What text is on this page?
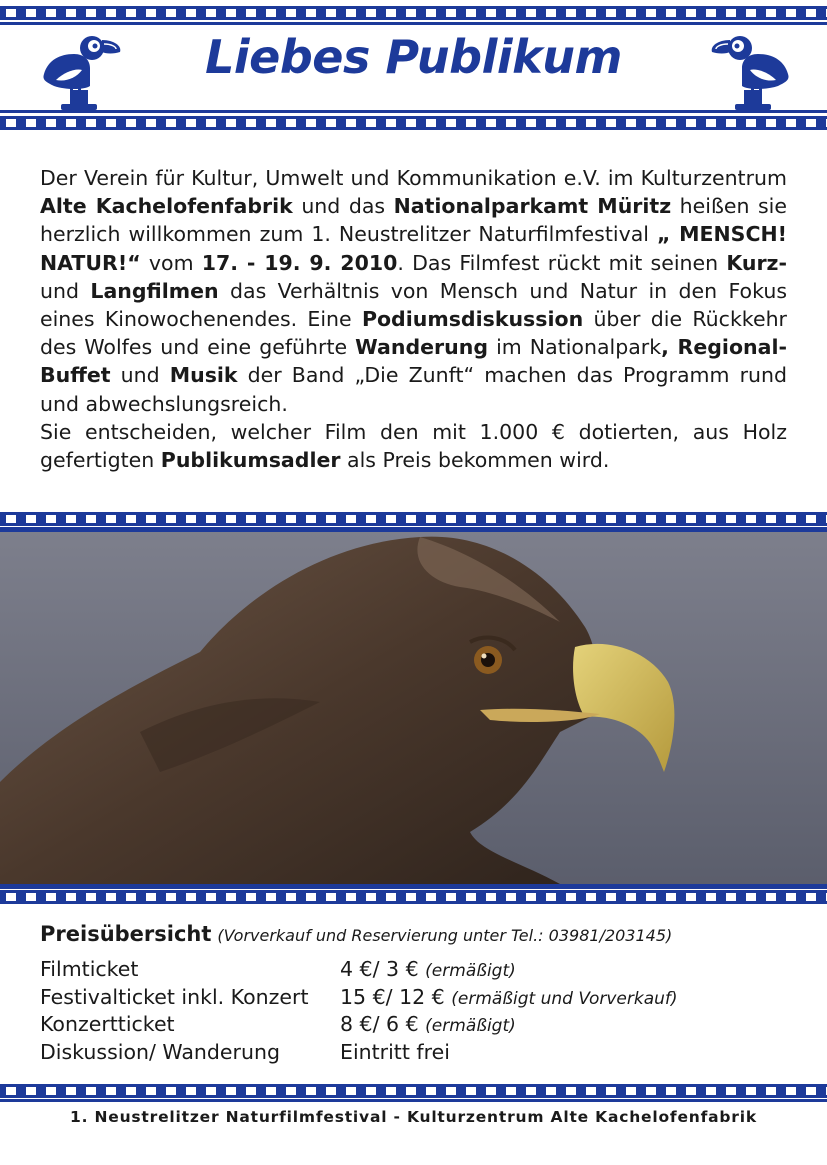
Liebes Publikum

Der Verein für Kultur, Umwelt und Kommunikation e.V. im Kulturzentrum Alte Kachelofenfabrik und das Nationalparkamt Müritz heißen sie herzlich willkommen zum 1. Neustrelitzer Naturfilmfestival „ MENSCH! NATUR!“ vom 17. - 19. 9. 2010. Das Filmfest rückt mit seinen Kurz- und Langfilmen das Verhältnis von Mensch und Natur in den Fokus eines Kinowochenendes. Eine Podiumsdiskussion über die Rückkehr des Wolfes und eine geführte Wanderung im Nationalpark, Regional-Buffet und Musik der Band „Die Zunft“ machen das Programm rund und abwechslungsreich.
Sie entscheiden, welcher Film den mit 1.000 € dotierten, aus Holz gefertigten Publikumsadler als Preis bekommen wird.

Preisübersicht (Vorverkauf und Reservierung unter Tel.: 03981/203145)
Filmticket	4 €/ 3 € (ermäßigt)
Festivalticket inkl. Konzert 15 €/ 12 € (ermäßigt und Vorverkauf)
Konzertticket	8 €/ 6 € (ermäßigt)
Diskussion/ Wanderung	Eintritt frei
1. Neustrelitzer Naturfilmfestival - Kulturzentrum Alte Kachelofenfabrik
